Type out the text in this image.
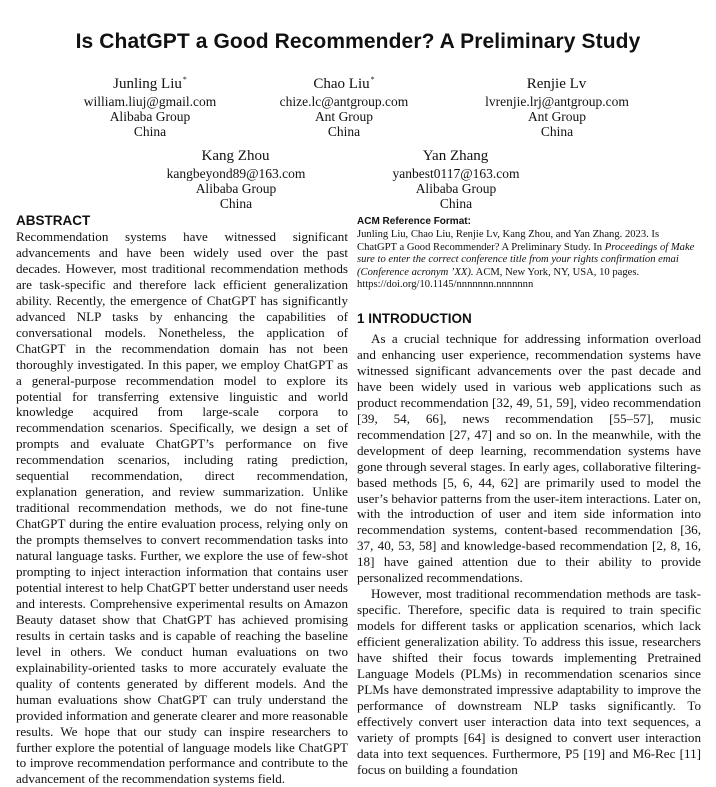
Is ChatGPT a Good Recommender? A Preliminary Study
Junling Liu*
william.liuj@gmail.com
Alibaba Group
China
Chao Liu*
chize.lc@antgroup.com
Ant Group
China
Renjie Lv
lvrenjie.lrj@antgroup.com
Ant Group
China
Kang Zhou
kangbeyond89@163.com
Alibaba Group
China
Yan Zhang
yanbest0117@163.com
Alibaba Group
China
ABSTRACT

Recommendation systems have witnessed significant advancements and have been widely used over the past decades. However, most traditional recommendation methods are task-specific and therefore lack efficient generalization ability. Recently, the emergence of ChatGPT has significantly advanced NLP tasks by enhancing the capabilities of conversational models. Nonetheless, the application of ChatGPT in the recommendation domain has not been thoroughly investigated. In this paper, we employ ChatGPT as a general-purpose recommendation model to explore its potential for transferring extensive linguistic and world knowledge acquired from large-scale corpora to recommendation scenarios. Specifically, we design a set of prompts and evaluate ChatGPT’s performance on five recommendation scenarios, including rating prediction, sequential recommendation, direct recommendation, explanation generation, and review summarization. Unlike traditional recommendation methods, we do not fine-tune ChatGPT during the entire evaluation process, relying only on the prompts themselves to convert recommendation tasks into natural language tasks. Further, we explore the use of few-shot prompting to inject interaction information that contains user potential interest to help ChatGPT better understand user needs and interests. Comprehensive experimental results on Amazon Beauty dataset show that ChatGPT has achieved promising results in certain tasks and is capable of reaching the baseline level in others. We conduct human evaluations on two explainability-oriented tasks to more accurately evaluate the quality of contents generated by different models. And the human evaluations show ChatGPT can truly understand the provided information and generate clearer and more reasonable results. We hope that our study can inspire researchers to further explore the potential of language models like ChatGPT to improve recommendation performance and contribute to the advancement of the recommendation systems field.

ACM Reference Format:

Junling Liu, Chao Liu, Renjie Lv, Kang Zhou, and Yan Zhang. 2023. Is ChatGPT a Good Recommender? A Preliminary Study. In Proceedings of Make sure to enter the correct conference title from your rights confirmation emai (Conference acronym ’XX). ACM, New York, NY, USA, 10 pages. https://doi.org/10.1145/nnnnnnn.nnnnnnn

1 INTRODUCTION

As a crucial technique for addressing information overload and enhancing user experience, recommendation systems have witnessed significant advancements over the past decade and have been widely used in various web applications such as product recommendation [32, 49, 51, 59], video recommendation [39, 54, 66], news recommendation [55–57], music recommendation [27, 47] and so on. In the meanwhile, with the development of deep learning, recommendation systems have gone through several stages. In early ages, collaborative filtering-based methods [5, 6, 44, 62] are primarily used to model the user’s behavior patterns from the user-item interactions. Later on, with the introduction of user and item side information into recommendation systems, content-based recommendation [36, 37, 40, 53, 58] and knowledge-based recommendation [2, 8, 16, 18] have gained attention due to their ability to provide personalized recommendations.

However, most traditional recommendation methods are task-specific. Therefore, specific data is required to train specific models for different tasks or application scenarios, which lack efficient generalization ability. To address this issue, researchers have shifted their focus towards implementing Pretrained Language Models (PLMs) in recommendation scenarios since PLMs have demonstrated impressive adaptability to improve the performance of downstream NLP tasks significantly. To effectively convert user interaction data into text sequences, a variety of prompts [64] is designed to convert user interaction data into text sequences. Furthermore, P5 [19] and M6-Rec [11] focus on building a foundation
